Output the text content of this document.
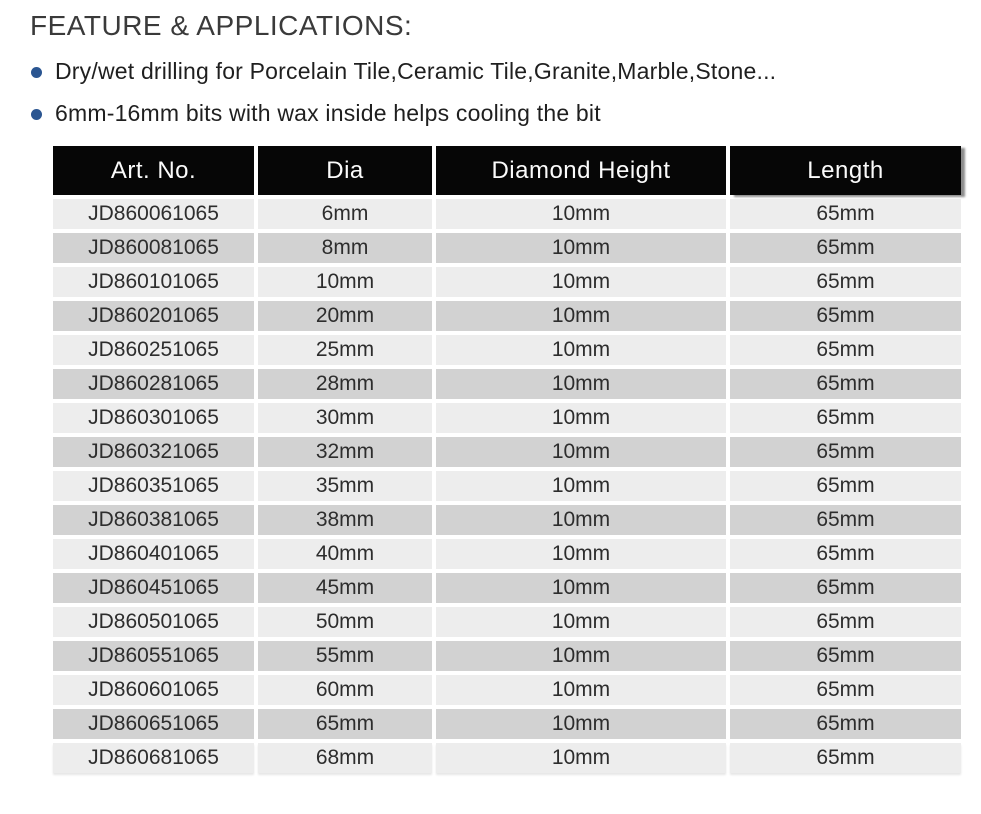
FEATURE & APPLICATIONS:
Dry/wet drilling for Porcelain Tile,Ceramic Tile,Granite,Marble,Stone...
6mm-16mm bits with wax inside helps cooling the bit
Art. No.	Dia	Diamond Height	Length
JD860061065	6mm	10mm	65mm
JD860081065	8mm	10mm	65mm
JD860101065	10mm	10mm	65mm
JD860201065	20mm	10mm	65mm
JD860251065	25mm	10mm	65mm
JD860281065	28mm	10mm	65mm
JD860301065	30mm	10mm	65mm
JD860321065	32mm	10mm	65mm
JD860351065	35mm	10mm	65mm
JD860381065	38mm	10mm	65mm
JD860401065	40mm	10mm	65mm
JD860451065	45mm	10mm	65mm
JD860501065	50mm	10mm	65mm
JD860551065	55mm	10mm	65mm
JD860601065	60mm	10mm	65mm
JD860651065	65mm	10mm	65mm
JD860681065	68mm	10mm	65mm
